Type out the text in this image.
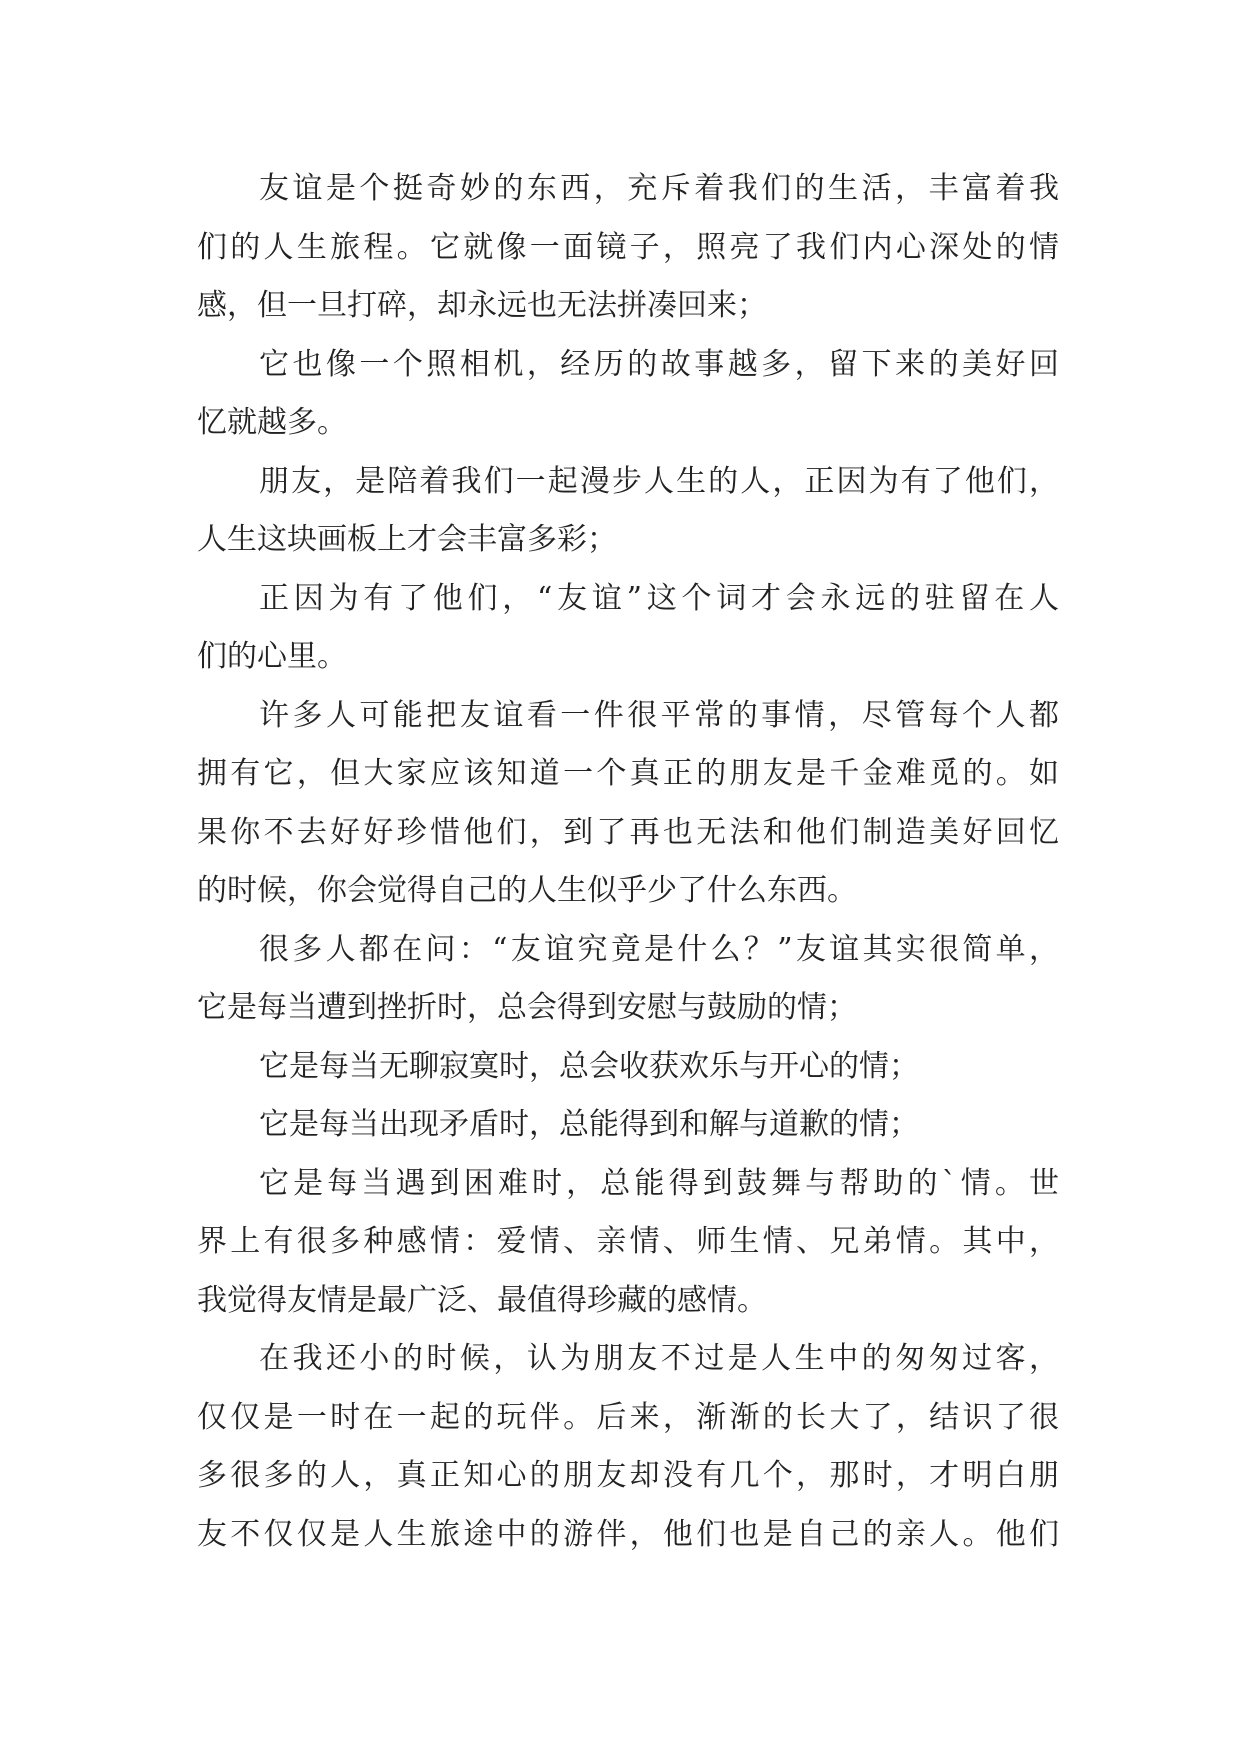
友谊是个挺奇妙的东西，充斥着我们的生活，丰富着我
们的人生旅程。它就像一面镜子，照亮了我们内心深处的情
感，但一旦打碎，却永远也无法拼凑回来；
它也像一个照相机，经历的故事越多，留下来的美好回
忆就越多。
朋友，是陪着我们一起漫步人生的人，正因为有了他们，
人生这块画板上才会丰富多彩；
正因为有了他们，“友谊”这个词才会永远的驻留在人
们的心里。
许多人可能把友谊看一件很平常的事情，尽管每个人都
拥有它，但大家应该知道一个真正的朋友是千金难觅的。如
果你不去好好珍惜他们，到了再也无法和他们制造美好回忆
的时候，你会觉得自己的人生似乎少了什么东西。
很多人都在问：“友谊究竟是什么？”友谊其实很简单，
它是每当遭到挫折时，总会得到安慰与鼓励的情；
它是每当无聊寂寞时，总会收获欢乐与开心的情；
它是每当出现矛盾时，总能得到和解与道歉的情；
它是每当遇到困难时，总能得到鼓舞与帮助的`情。世
界上有很多种感情：爱情、亲情、师生情、兄弟情。其中，
我觉得友情是最广泛、最值得珍藏的感情。
在我还小的时候，认为朋友不过是人生中的匆匆过客，
仅仅是一时在一起的玩伴。后来，渐渐的长大了，结识了很
多很多的人，真正知心的朋友却没有几个，那时，才明白朋
友不仅仅是人生旅途中的游伴，他们也是自己的亲人。他们
